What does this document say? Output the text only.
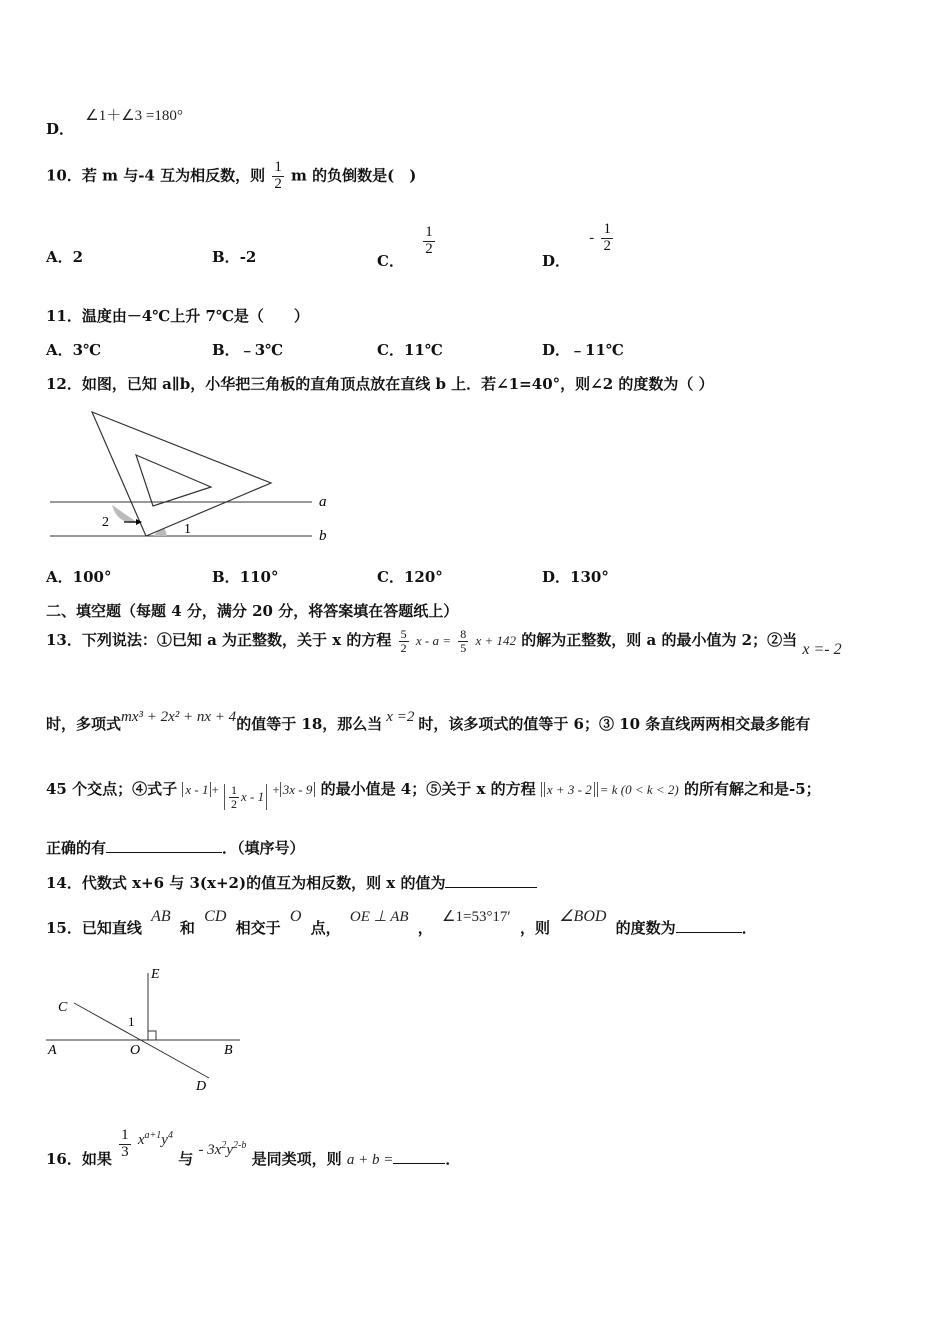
D． ∠1＋∠3 =180°
10．若 m 与-4 互为相反数，则 $\frac{1}{2}$ m 的负倒数是(　)
A．2	B．-2	C．
$\frac{1}{2}$
D． - $\frac{1}{2}$
11．温度由－4℃上升 7℃是（　　）
A．3℃	B．﹣3℃	C．11℃	D．﹣11℃
12．如图，已知 a∥b，小华把三角板的直角顶点放在直线 b 上．若∠1=40°，则∠2 的度数为（ ）
a
b
1
2
A．100°	B．110°	C．120°	D．130°
二、填空题（每题 4 分，满分 20 分，将答案填在答题纸上）
13．下列说法：①已知 a 为正整数，关于 x 的方程 $\frac{5}{2}$ $x - a = \frac{8}{5}$ x + 142 的解为正整数，则 a 的最小值为 2；②当 x =- 2
时，多项式mx³ + 2x² + nx + 4的值等于 18，那么当 x =2 时，该多项式的值等于 6；③ 10 条直线两两相交最多能有
45 个交点；④式子 $x - 1 + \frac{1}{2}$ x - 1 + 3x - 9 的最小值是 4；⑤关于 x 的方程 x + 3 - 2 = k (0 < k < 2) 的所有解之和是-5；
正确的有	．（填序号）
14．代数式 x+6 与 3(x+2)的值互为相反数，则 x 的值为
15．已知直线 AB 和 CD 相交于 O 点， OE ⊥ AB ， ∠1=53°17′ ，则 ∠BOD 的度数为	．
E
C
1
A	O	B
D
16．如果 $\frac{1}{3} x^{a+1}y^4$ 与 - $3x^2y^{2-b}$ 是同类项，则 a + b =	．
